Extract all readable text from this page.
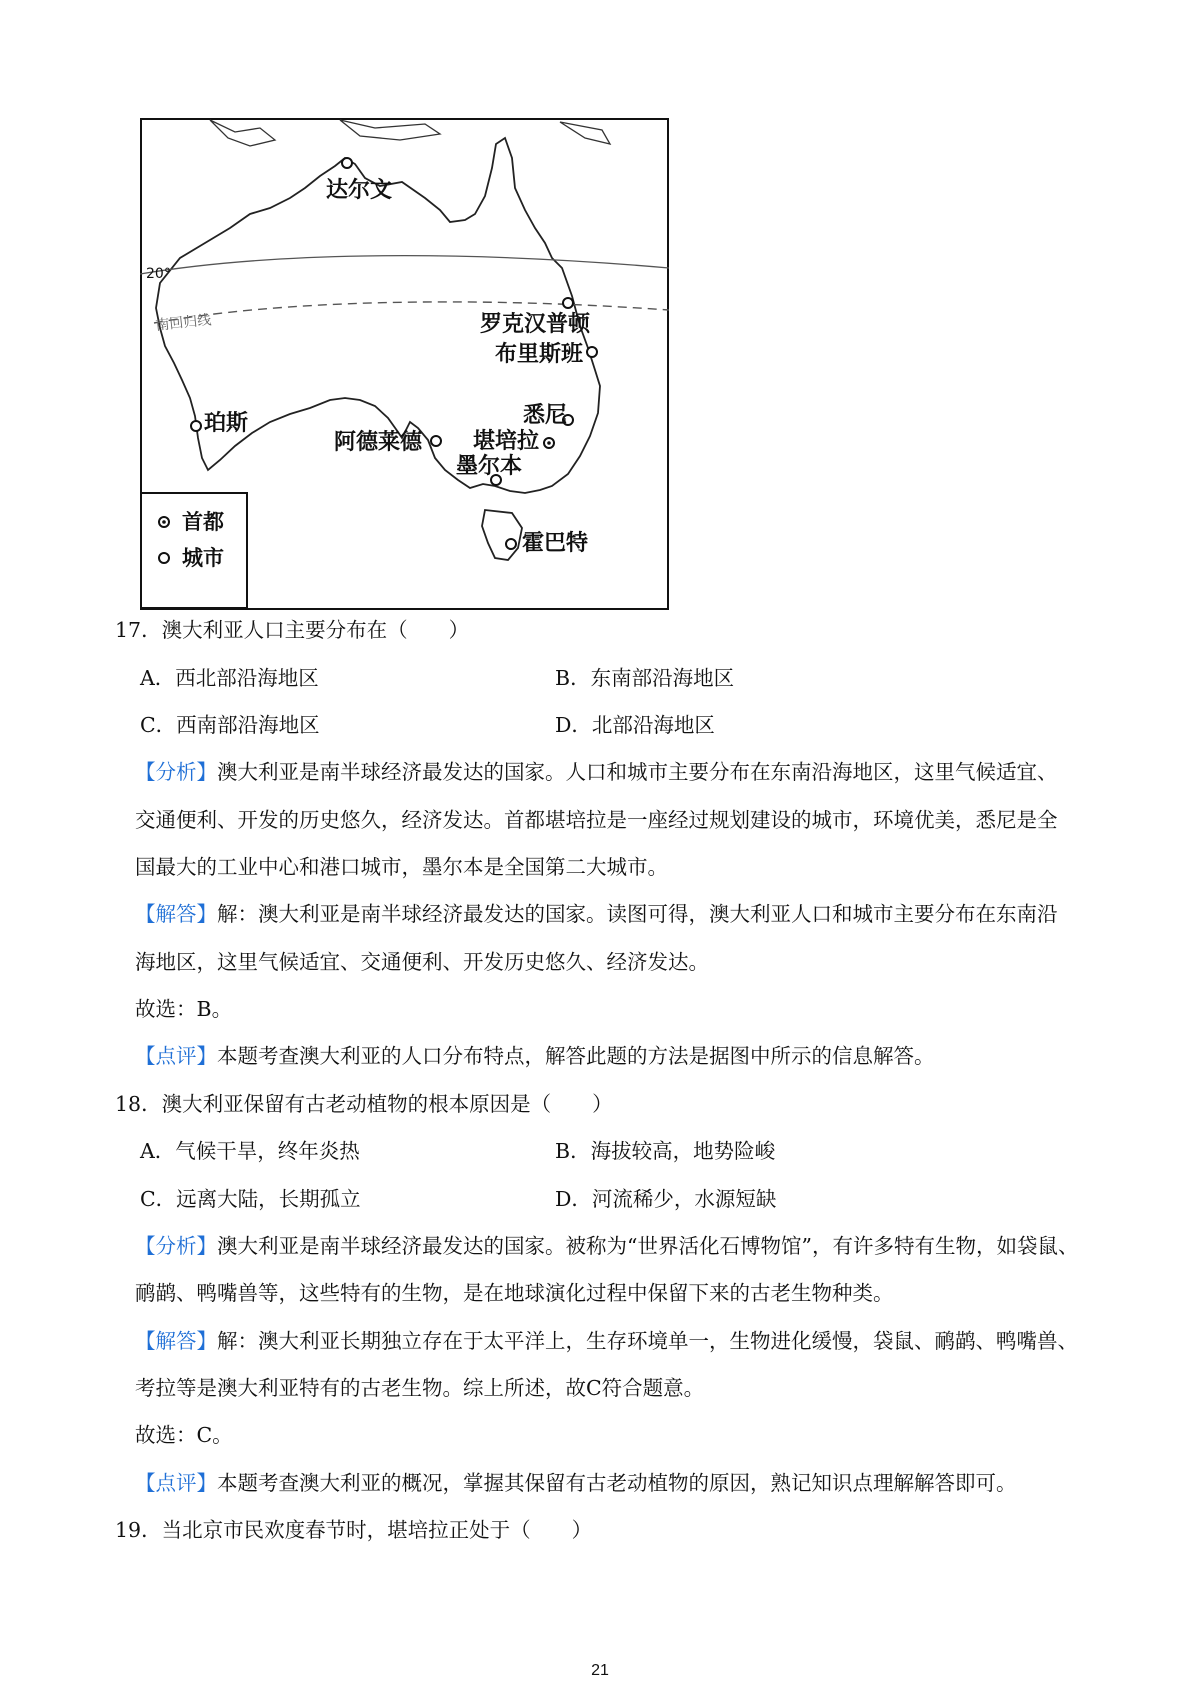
20°
南回归线
达尔文
罗克汉普顿
布里斯班
悉尼
堪培拉
墨尔本
阿德莱德
珀斯
霍巴特
首都
城市
17．澳大利亚人口主要分布在（　　）
A．西北部沿海地区	B．东南部沿海地区
C．西南部沿海地区	D．北部沿海地区
【分析】澳大利亚是南半球经济最发达的国家。人口和城市主要分布在东南沿海地区，这里气候适宜、
交通便利、开发的历史悠久，经济发达。首都堪培拉是一座经过规划建设的城市，环境优美，悉尼是全
国最大的工业中心和港口城市，墨尔本是全国第二大城市。
【解答】解：澳大利亚是南半球经济最发达的国家。读图可得，澳大利亚人口和城市主要分布在东南沿
海地区，这里气候适宜、交通便利、开发历史悠久、经济发达。
故选：B。
【点评】本题考查澳大利亚的人口分布特点，解答此题的方法是据图中所示的信息解答。
18．澳大利亚保留有古老动植物的根本原因是（　　）
A．气候干旱，终年炎热	B．海拔较高，地势险峻
C．远离大陆，长期孤立	D．河流稀少，水源短缺
【分析】澳大利亚是南半球经济最发达的国家。被称为“世界活化石博物馆”，有许多特有生物，如袋鼠、
鸸鹋、鸭嘴兽等，这些特有的生物，是在地球演化过程中保留下来的古老生物种类。
【解答】解：澳大利亚长期独立存在于太平洋上，生存环境单一，生物进化缓慢，袋鼠、鸸鹋、鸭嘴兽、
考拉等是澳大利亚特有的古老生物。综上所述，故C符合题意。
故选：C。
【点评】本题考查澳大利亚的概况，掌握其保留有古老动植物的原因，熟记知识点理解解答即可。
19．当北京市民欢度春节时，堪培拉正处于（　　）
21
